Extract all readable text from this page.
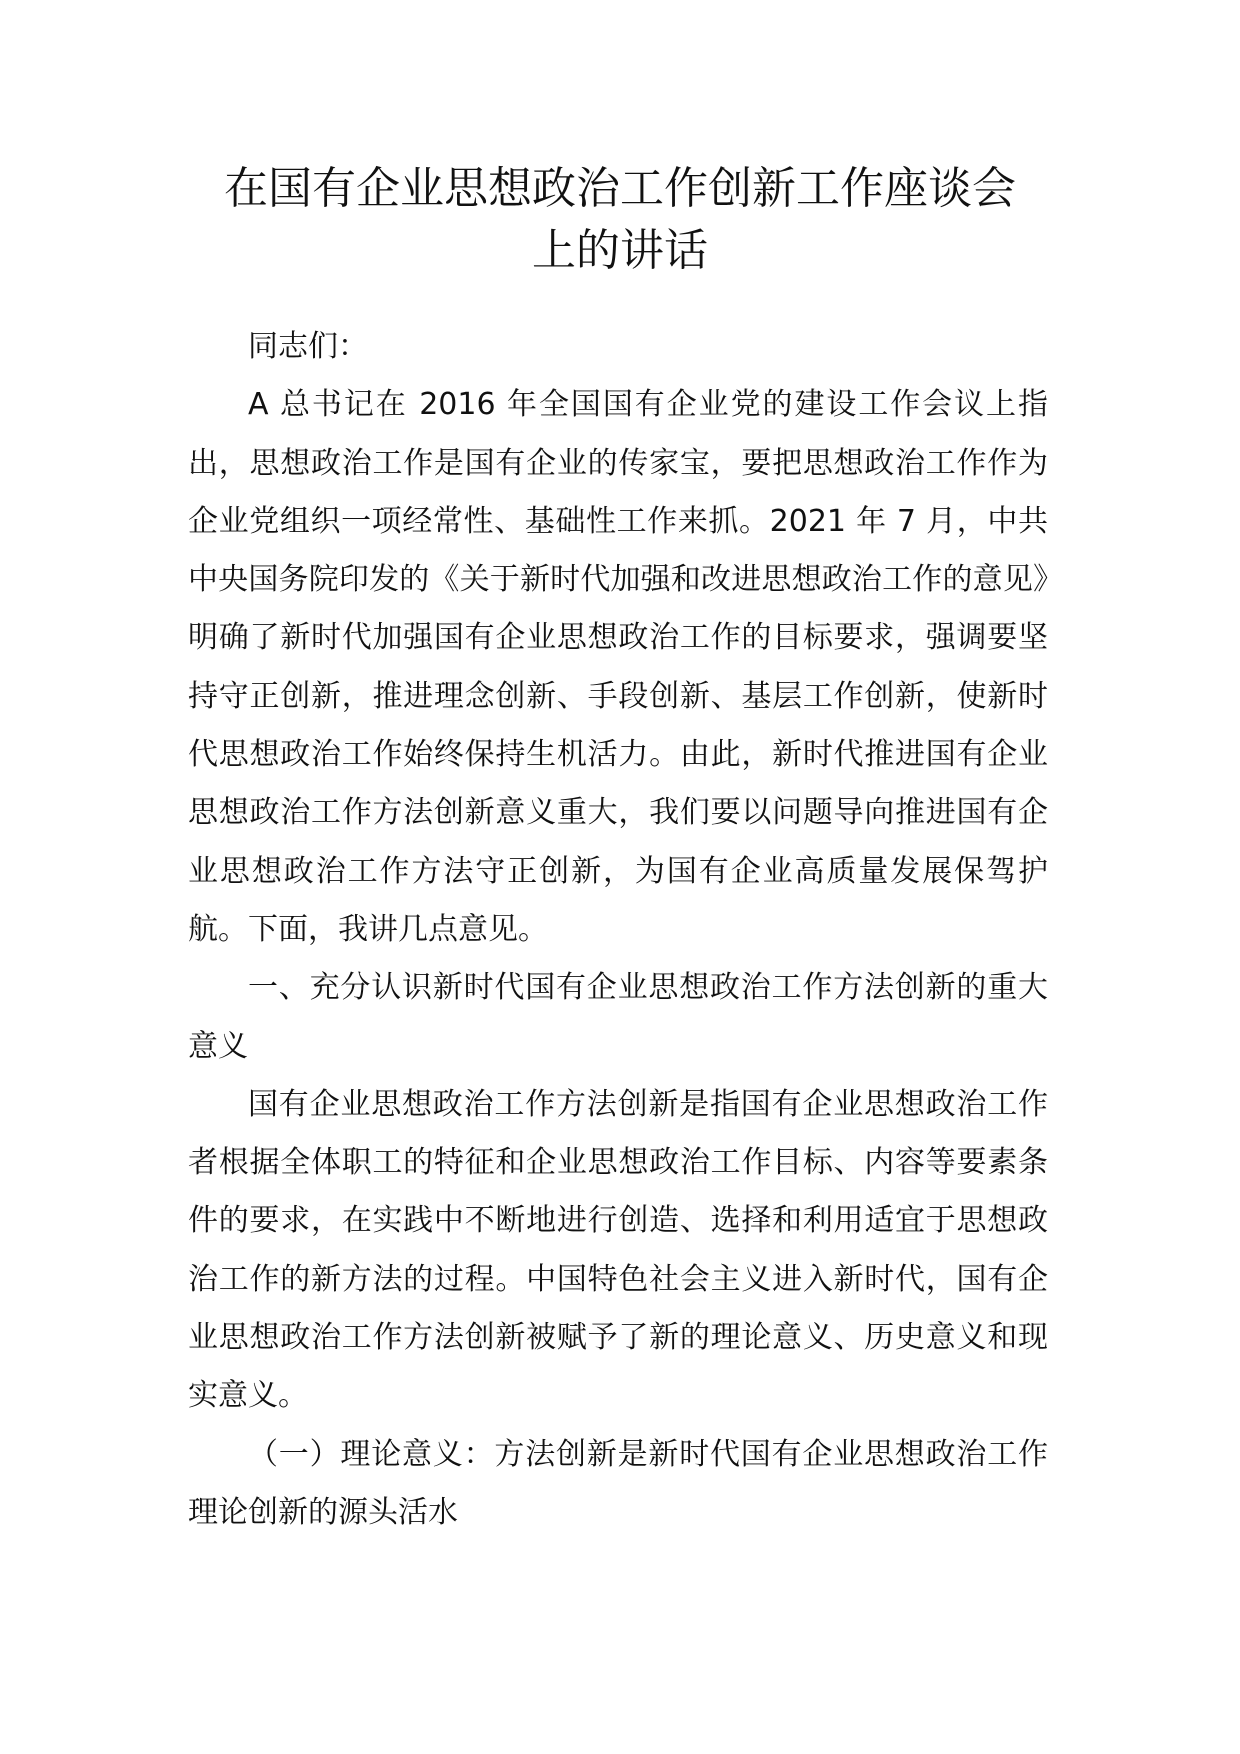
在国有企业思想政治工作创新工作座谈会
上的讲话

同志们：

A 总书记在 2016 年全国国有企业党的建设工作会议上指出，思想政治工作是国有企业的传家宝，要把思想政治工作作为企业党组织一项经常性、基础性工作来抓。2021 年 7 月，中共中央国务院印发的《关于新时代加强和改进思想政治工作的意见》明确了新时代加强国有企业思想政治工作的目标要求，强调要坚持守正创新，推进理念创新、手段创新、基层工作创新，使新时代思想政治工作始终保持生机活力。由此，新时代推进国有企业思想政治工作方法创新意义重大，我们要以问题导向推进国有企业思想政治工作方法守正创新，为国有企业高质量发展保驾护航。下面，我讲几点意见。

一、充分认识新时代国有企业思想政治工作方法创新的重大意义

国有企业思想政治工作方法创新是指国有企业思想政治工作者根据全体职工的特征和企业思想政治工作目标、内容等要素条件的要求，在实践中不断地进行创造、选择和利用适宜于思想政治工作的新方法的过程。中国特色社会主义进入新时代，国有企业思想政治工作方法创新被赋予了新的理论意义、历史意义和现实意义。

（一）理论意义：方法创新是新时代国有企业思想政治工作理论创新的源头活水
